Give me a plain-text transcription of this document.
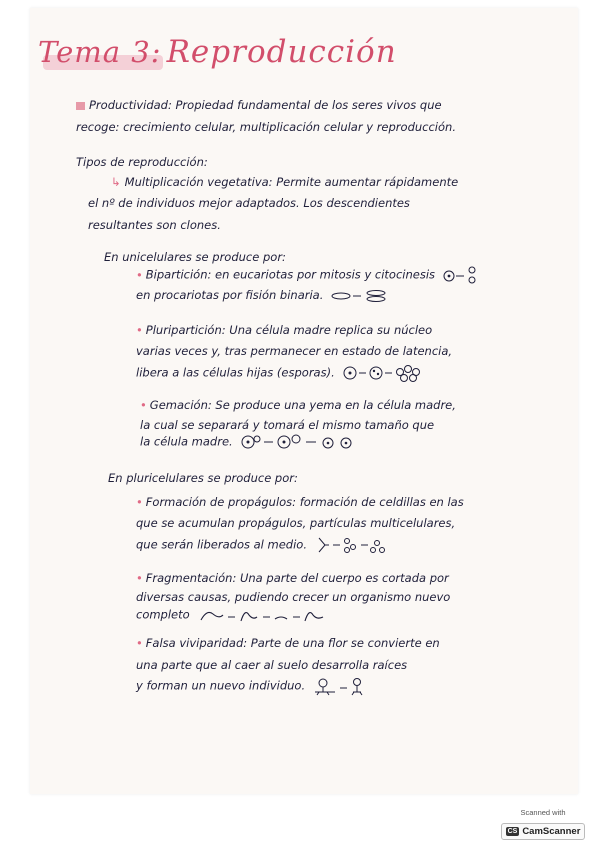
Tema 3: Reproducción
Productividad: Propiedad fundamental de los seres vivos que
recoge: crecimiento celular, multiplicación celular y reproducción.
Tipos de reproducción:
↳ Multiplicación vegetativa: Permite aumentar rápidamente
el nº de individuos mejor adaptados. Los descendientes
resultantes son clones.
En unicelulares se produce por:
• Bipartición: en eucariotas por mitosis y citocinesis
en procariotas por fisión binaria.
• Pluripartición: Una célula madre replica su núcleo
varias veces y, tras permanecer en estado de latencia,
libera a las células hijas (esporas).
• Gemación: Se produce una yema en la célula madre,
la cual se separará y tomará el mismo tamaño que
la célula madre.
En pluricelulares se produce por:
• Formación de propágulos: formación de celdillas en las
que se acumulan propágulos, partículas multicelulares,
que serán liberados al medio.
• Fragmentación: Una parte del cuerpo es cortada por
diversas causas, pudiendo crecer un organismo nuevo
completo
• Falsa viviparidad: Parte de una flor se convierte en
una parte que al caer al suelo desarrolla raíces
y forman un nuevo individuo.
Scanned with
CS CamScanner
